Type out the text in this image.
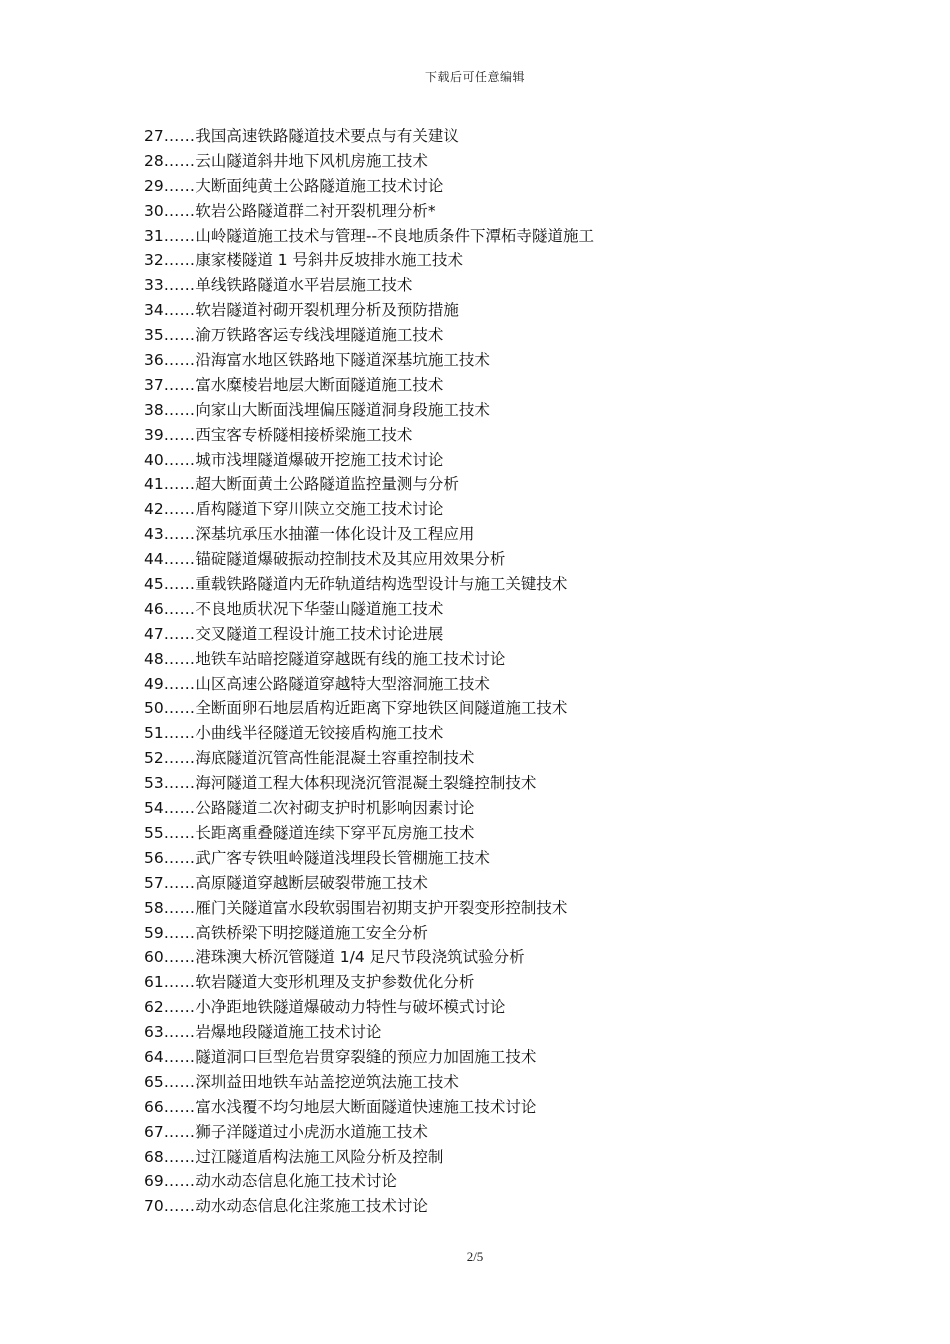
下载后可任意编辑
27……我国高速铁路隧道技术要点与有关建议
28……云山隧道斜井地下风机房施工技术
29……大断面纯黄土公路隧道施工技术讨论
30……软岩公路隧道群二衬开裂机理分析*
31……山岭隧道施工技术与管理--不良地质条件下潭柘寺隧道施工
32……康家楼隧道 1 号斜井反坡排水施工技术
33……单线铁路隧道水平岩层施工技术
34……软岩隧道衬砌开裂机理分析及预防措施
35……渝万铁路客运专线浅埋隧道施工技术
36……沿海富水地区铁路地下隧道深基坑施工技术
37……富水糜棱岩地层大断面隧道施工技术
38……向家山大断面浅埋偏压隧道洞身段施工技术
39……西宝客专桥隧相接桥梁施工技术
40……城市浅埋隧道爆破开挖施工技术讨论
41……超大断面黄土公路隧道监控量测与分析
42……盾构隧道下穿川陕立交施工技术讨论
43……深基坑承压水抽灌一体化设计及工程应用
44……锚碇隧道爆破振动控制技术及其应用效果分析
45……重载铁路隧道内无砟轨道结构选型设计与施工关键技术
46……不良地质状况下华蓥山隧道施工技术
47……交叉隧道工程设计施工技术讨论进展
48……地铁车站暗挖隧道穿越既有线的施工技术讨论
49……山区高速公路隧道穿越特大型溶洞施工技术
50……全断面卵石地层盾构近距离下穿地铁区间隧道施工技术
51……小曲线半径隧道无铰接盾构施工技术
52……海底隧道沉管高性能混凝土容重控制技术
53……海河隧道工程大体积现浇沉管混凝土裂缝控制技术
54……公路隧道二次衬砌支护时机影响因素讨论
55……长距离重叠隧道连续下穿平瓦房施工技术
56……武广客专铁咀岭隧道浅埋段长管棚施工技术
57……高原隧道穿越断层破裂带施工技术
58……雁门关隧道富水段软弱围岩初期支护开裂变形控制技术
59……高铁桥梁下明挖隧道施工安全分析
60……港珠澳大桥沉管隧道 1/4 足尺节段浇筑试验分析
61……软岩隧道大变形机理及支护参数优化分析
62……小净距地铁隧道爆破动力特性与破坏模式讨论
63……岩爆地段隧道施工技术讨论
64……隧道洞口巨型危岩贯穿裂缝的预应力加固施工技术
65……深圳益田地铁车站盖挖逆筑法施工技术
66……富水浅覆不均匀地层大断面隧道快速施工技术讨论
67……狮子洋隧道过小虎沥水道施工技术
68……过江隧道盾构法施工风险分析及控制
69……动水动态信息化施工技术讨论
70……动水动态信息化注浆施工技术讨论
2/5
